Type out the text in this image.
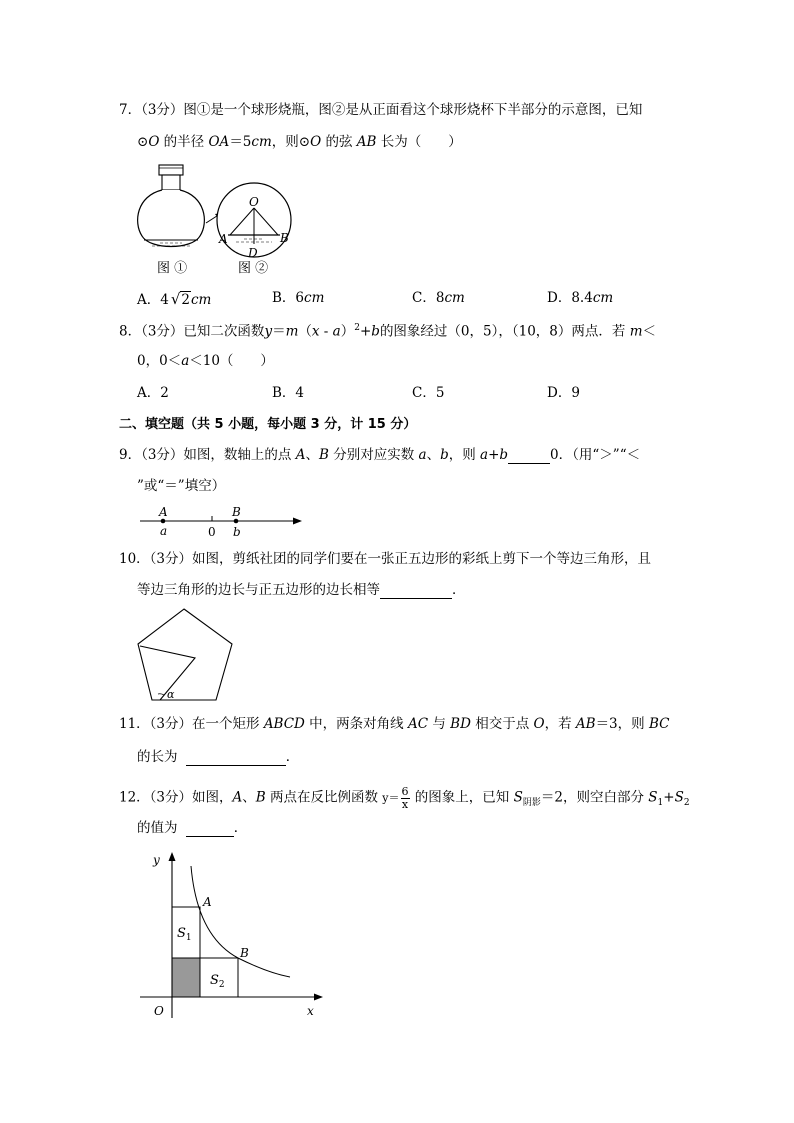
7．（3分）图①是一个球形烧瓶，图②是从正面看这个球形烧杯下半部分的示意图，已知
⊙O 的半径 OA＝5cm，则⊙O 的弦 AB 长为（　　）
图 ①
O
A	B
D
图 ②
A．4 √2cm	B．6cm	C．8cm	D．8.4cm
8．（3分）已知二次函数y＝m（x - a）$^2$+b的图象经过（0，5），（10，8）两点．若 m＜
0，0＜a＜10（　　）
A．2	B．4	C．5	D．9
二、填空题（共 5 小题，每小题 3 分，计 15 分）
9．（3分）如图，数轴上的点 A、B 分别对应实数 a、b，则 a+b	0．（用“＞”“＜
”或“＝”填空）
A
a
B
b
0
10．（3分）如图，剪纸社团的同学们要在一张正五边形的彩纸上剪下一个等边三角形，且
等边三角形的边长与正五边形的边长相等	．
α
11．（3分）在一个矩形 ABCD 中，两条对角线 AC 与 BD 相交于点 O，若 AB＝3，则 BC
的长为	．
12．（3分）如图，A、B 两点在反比例函数 $y= \frac{6}{x}$ 的图象上，已知 $S_{阴影}=2$，则空白部分 $S_1+S_2$
的值为	．
y
x
O
A
B
$S_1$
$S_2$
